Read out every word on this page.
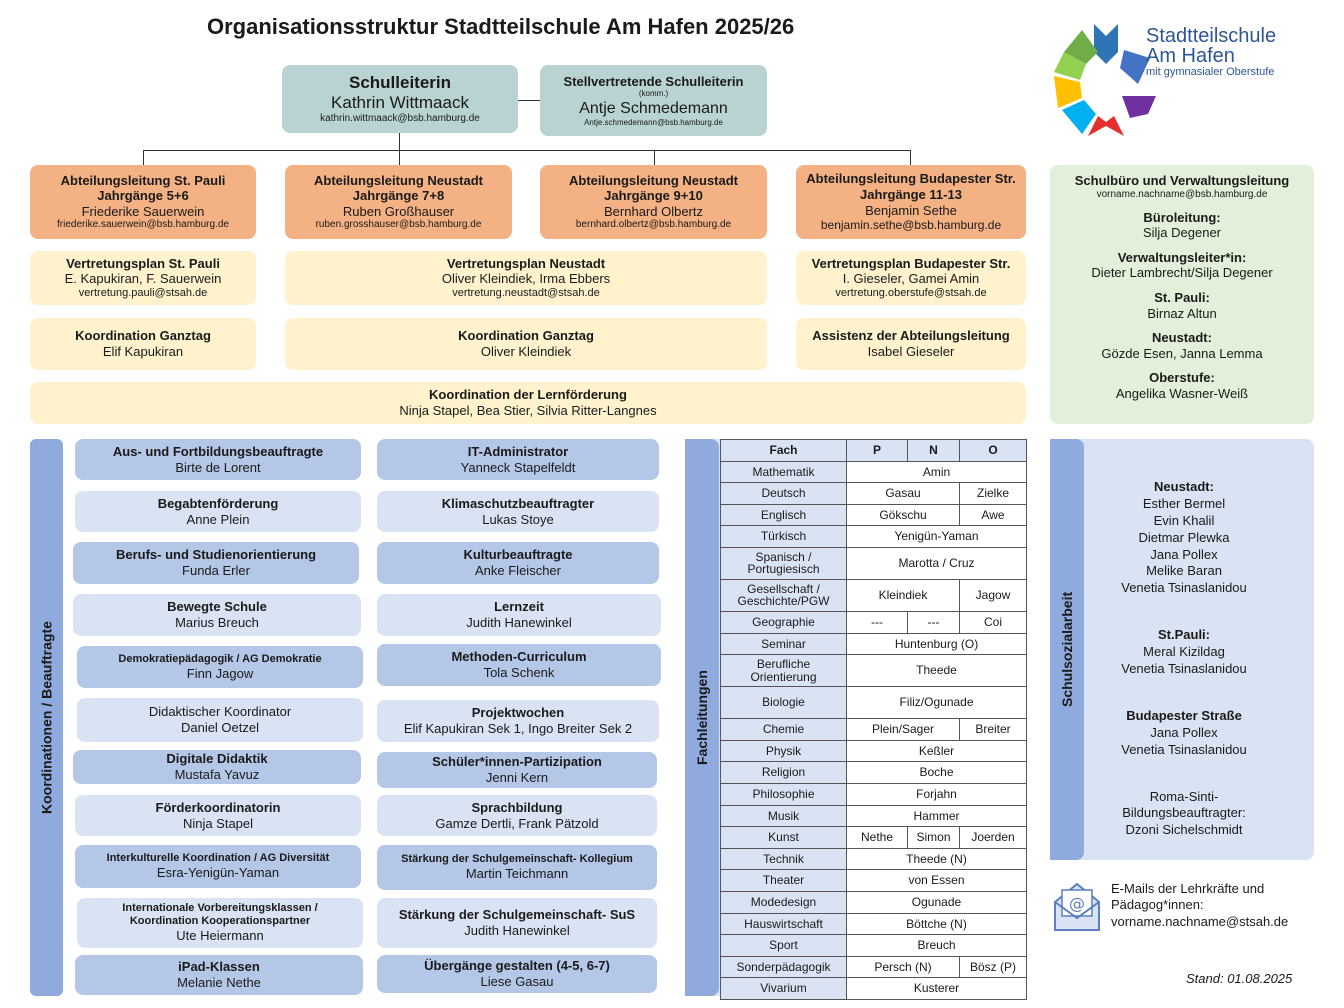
Organisationsstruktur Stadtteilschule Am Hafen 2025/26	Stadtteilschule
Am Hafen
mit gymnasialer Oberstufe
Schulleiterin
Kathrin Wittmaack
kathrin.wittmaack@bsb.hamburg.de
Stellvertretende Schulleiterin
(komm.)
Antje Schmedemann
Antje.schmedemann@bsb.hamburg.de
Abteilungsleitung St. Pauli
Jahrgänge 5+6
Friederike Sauerwein
friederike.sauerwein@bsb.hamburg.de
Abteilungsleitung Neustadt
Jahrgänge 7+8
Ruben Großhauser
ruben.grosshauser@bsb.hamburg.de
Abteilungsleitung Neustadt
Jahrgänge 9+10
Bernhard Olbertz
bernhard.olbertz@bsb.hamburg.de
Abteilungsleitung Budapester Str.
Jahrgänge 11-13
Benjamin Sethe
benjamin.sethe@bsb.hamburg.de
Vertretungsplan St. Pauli
E. Kapukiran, F. Sauerwein
vertretung.pauli@stsah.de
Vertretungsplan Neustadt
Oliver Kleindiek, Irma Ebbers
vertretung.neustadt@stsah.de
Vertretungsplan Budapester Str.
I. Gieseler, Gamei Amin
vertretung.oberstufe@stsah.de
Koordination Ganztag
Elif Kapukiran
Koordination Ganztag
Oliver Kleindiek
Assistenz der Abteilungsleitung
Isabel Gieseler
Koordination der Lernförderung
Ninja Stapel, Bea Stier, Silvia Ritter-Langnes
Schulbüro und Verwaltungsleitung
vorname.nachname@bsb.hamburg.de
Büroleitung:
Silja Degener
Verwaltungsleiter*in:
Dieter Lambrecht/Silja Degener
St. Pauli:
Birnaz Altun
Neustadt:
Gözde Esen, Janna Lemma
Oberstufe:
Angelika Wasner-Weiß
Koordinationen / Beauftragte
Aus- und Fortbildungsbeauftragte
Birte de Lorent
Begabtenförderung
Anne Plein
Berufs- und Studienorientierung
Funda Erler
Bewegte Schule
Marius Breuch
Demokratiepädagogik / AG Demokratie
Finn Jagow
Didaktischer Koordinator
Daniel Oetzel
Digitale Didaktik
Mustafa Yavuz
Förderkoordinatorin
Ninja Stapel
Interkulturelle Koordination / AG Diversität
Esra-Yenigün-Yaman
Internationale Vorbereitungsklassen /
Koordination Kooperationspartner
Ute Heiermann
iPad-Klassen
Melanie Nethe
IT-Administrator
Yanneck Stapelfeldt
Klimaschutzbeauftragter
Lukas Stoye
Kulturbeauftragte
Anke Fleischer
Lernzeit
Judith Hanewinkel
Methoden-Curriculum
Tola Schenk
Projektwochen
Elif Kapukiran Sek 1, Ingo Breiter Sek 2
Schüler*innen-Partizipation
Jenni Kern
Sprachbildung
Gamze Dertli, Frank Pätzold
Stärkung der Schulgemeinschaft- Kollegium
Martin Teichmann
Stärkung der Schulgemeinschaft- SuS
Judith Hanewinkel
Übergänge gestalten (4-5, 6-7)
Liese Gasau
Fachleitungen
Fach	P	N	O
Mathematik	Amin		
Deutsch	Gasau		Zielke
Englisch	Gökschu		Awe
Türkisch	Yenigün-Yaman		
Spanisch / Portugiesisch	Marotta / Cruz		
Gesellschaft / Geschichte/PGW	Kleindiek		Jagow
Geographie	---	---	Coi
Seminar	Huntenburg (O)		
Berufliche Orientierung	Theede		
Biologie	Filiz/Ogunade		
Chemie	Plein/Sager		Breiter
Physik	Keßler		
Religion	Boche		
Philosophie	Forjahn		
Musik	Hammer		
Kunst	Nethe	Simon	Joerden
Technik	Theede (N)		
Theater	von Essen		
Modedesign	Ogunade		
Hauswirtschaft	Böttche (N)		
Sport	Breuch		
Sonderpädagogik	Persch (N)		Bösz (P)
Vivarium	Kusterer		
Schulsozialarbeit
Neustadt:
Esther Bermel
Evin Khalil
Dietmar Plewka
Jana Pollex
Melike Baran
Venetia Tsinaslanidou
St.Pauli:
Meral Kizildag
Venetia Tsinaslanidou
Budapester Straße
Jana Pollex
Venetia Tsinaslanidou
Roma-Sinti-
Bildungsbeauftragter:
Dzoni Sichelschmidt
@
E-Mails der Lehrkräfte und
Pädagog*innen:
vorname.nachname@stsah.de
Stand: 01.08.2025
